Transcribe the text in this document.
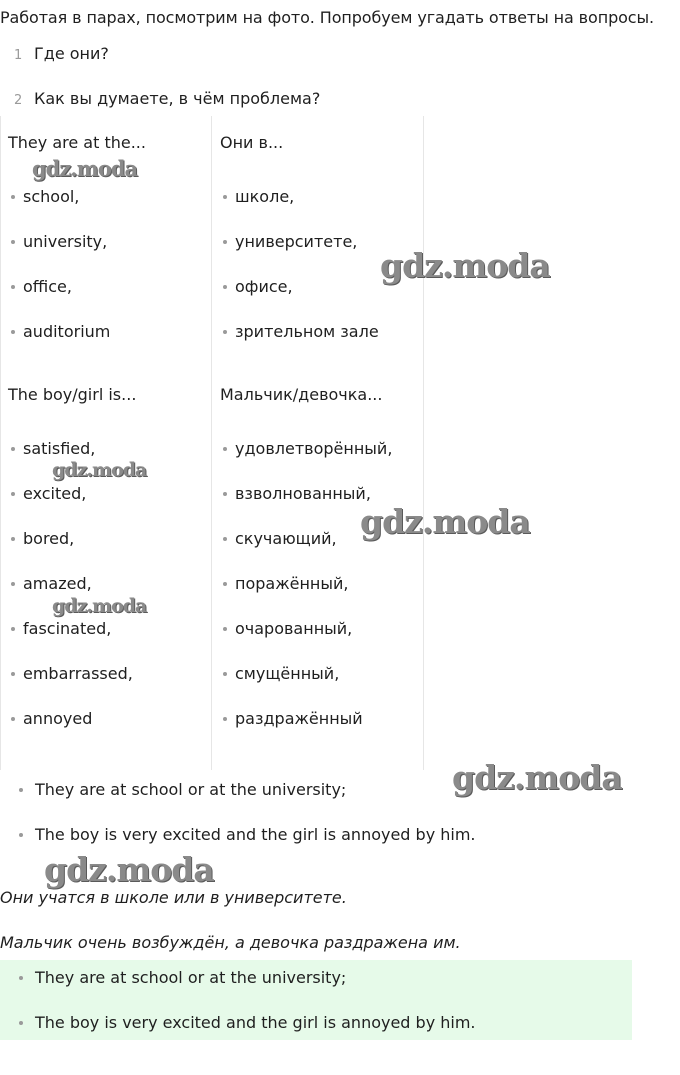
Работая в парах, посмотрим на фото. Попробуем угадать ответы на вопросы.
1 Где они?
2 Как вы думаете, в чём проблема?
They are at the...
school,
university,
office,
auditorium
The boy/girl is...
satisfied,
excited,
bored,
amazed,
fascinated,
embarrassed,
annoyed
Они в...
школе,
университете,
офисе,
зрительном зале
Мальчик/девочка...
удовлетворённый,
взволнованный,
скучающий,
поражённый,
очарованный,
смущённый,
раздражённый
They are at school or at the university;
The boy is very excited and the girl is annoyed by him.
Они учатся в школе или в университете.
Мальчик очень возбуждён, а девочка раздражена им.
They are at school or at the university;
The boy is very excited and the girl is annoyed by him.
gdz.moda
gdz.moda
gdz.moda
gdz.moda
gdz.moda
gdz.moda
gdz.moda
